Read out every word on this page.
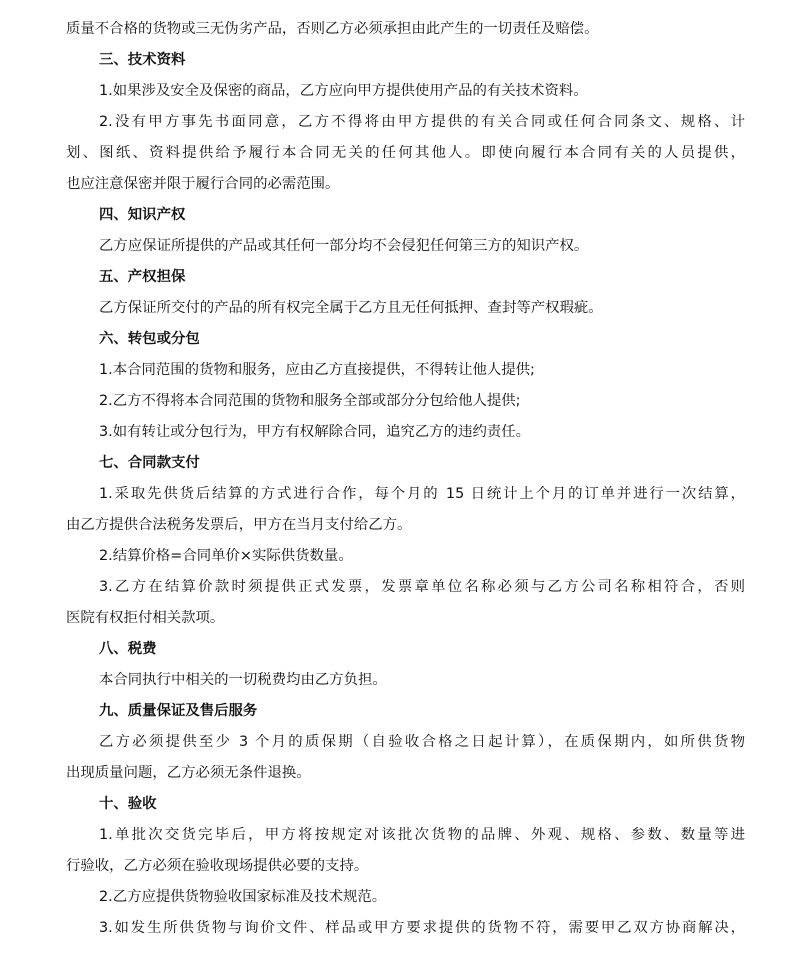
质量不合格的货物或三无伪劣产品，否则乙方必须承担由此产生的一切责任及赔偿。
三、技术资料
1.如果涉及安全及保密的商品，乙方应向甲方提供使用产品的有关技术资料。
2.没有甲方事先书面同意，乙方不得将由甲方提供的有关合同或任何合同条文、规格、计
划、图纸、资料提供给予履行本合同无关的任何其他人。即使向履行本合同有关的人员提供，
也应注意保密并限于履行合同的必需范围。
四、知识产权
乙方应保证所提供的产品或其任何一部分均不会侵犯任何第三方的知识产权。
五、产权担保
乙方保证所交付的产品的所有权完全属于乙方且无任何抵押、查封等产权瑕疵。
六、转包或分包
1.本合同范围的货物和服务，应由乙方直接提供，不得转让他人提供;
2.乙方不得将本合同范围的货物和服务全部或部分分包给他人提供;
3.如有转让或分包行为，甲方有权解除合同，追究乙方的违约责任。
七、合同款支付
1.采取先供货后结算的方式进行合作，每个月的 15 日统计上个月的订单并进行一次结算，
由乙方提供合法税务发票后，甲方在当月支付给乙方。
2.结算价格=合同单价×实际供货数量。
3.乙方在结算价款时须提供正式发票，发票章单位名称必须与乙方公司名称相符合，否则
医院有权拒付相关款项。
八、税费
本合同执行中相关的一切税费均由乙方负担。
九、质量保证及售后服务
乙方必须提供至少 3 个月的质保期（自验收合格之日起计算），在质保期内，如所供货物
出现质量问题，乙方必须无条件退换。
十、验收
1.单批次交货完毕后，甲方将按规定对该批次货物的品牌、外观、规格、参数、数量等进
行验收，乙方必须在验收现场提供必要的支持。
2.乙方应提供货物验收国家标准及技术规范。
3.如发生所供货物与询价文件、样品或甲方要求提供的货物不符，需要甲乙双方协商解决，
